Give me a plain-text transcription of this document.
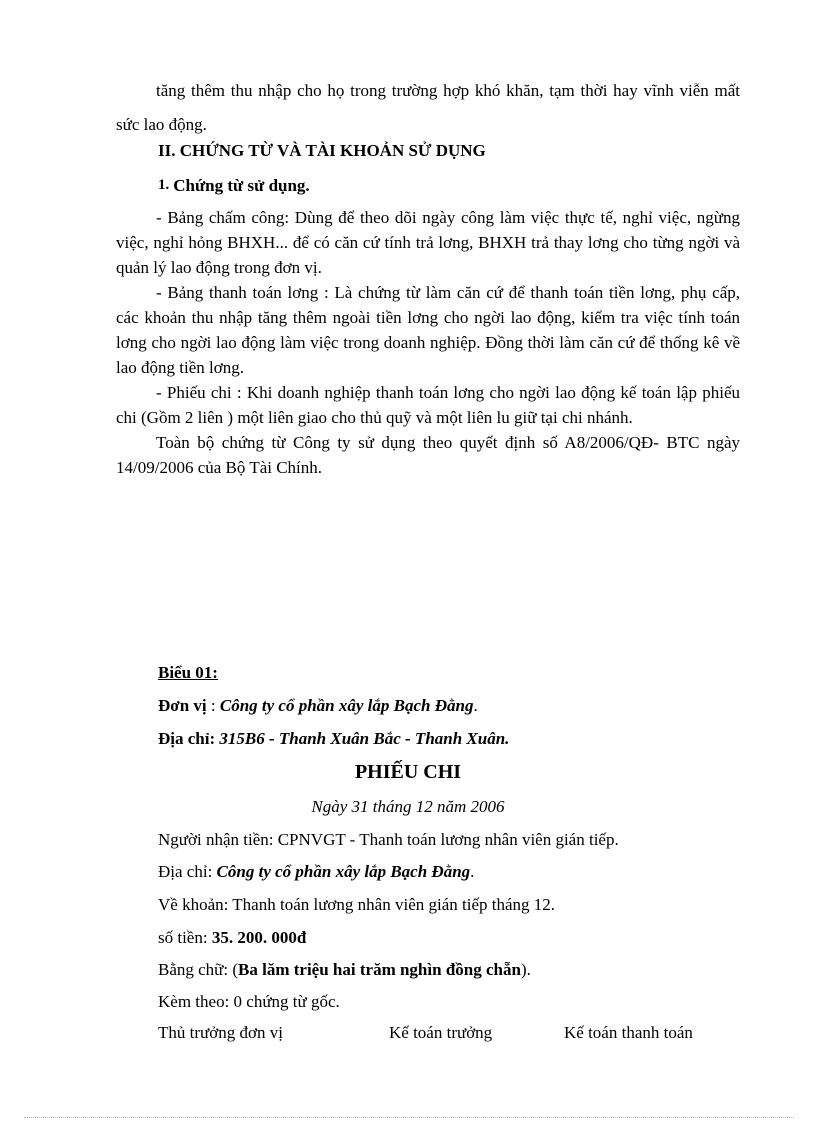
tăng thêm thu nhập cho họ trong trường hợp khó khăn, tạm thời hay vĩnh viễn mất sức lao động.

II. CHỨNG TỪ VÀ TÀI KHOẢN SỬ DỤNG
1. Chứng từ sử dụng.

- Bảng chấm công: Dùng để theo dõi ngày công làm việc thực tế, nghỉ việc, ngừng việc, nghỉ hỏng BHXH... để có căn cứ tính trả lơng, BHXH trả thay lơng cho từng ngời và quản lý lao động trong đơn vị.

- Bảng thanh toán lơng : Là chứng từ làm căn cứ để thanh toán tiền lơng, phụ cấp, các khoản thu nhập tăng thêm ngoài tiền lơng cho ngời lao động, kiểm tra việc tính toán lơng cho ngời lao động làm việc trong doanh nghiệp. Đồng thời làm căn cứ để thống kê về lao động tiền lơng.

- Phiếu chi : Khi doanh nghiệp thanh toán lơng cho ngời lao động kế toán lập phiếu chi (Gồm 2 liên ) một liên giao cho thủ quỹ và một liên lu giữ tại chi nhánh.

Toàn bộ chứng từ Công ty sử dụng theo quyết định số A8/2006/QĐ- BTC ngày 14/09/2006 của Bộ Tài Chính.

Biểu 01:
Đơn vị : Công ty cổ phần xây lắp Bạch Đằng.
Địa chỉ: 315B6 - Thanh Xuân Bắc - Thanh Xuân.
PHIẾU CHI
Ngày 31 tháng 12 năm 2006
Người nhận tiền: CPNVGT - Thanh toán lương nhân viên gián tiếp.
Địa chỉ: Công ty cổ phần xây lắp Bạch Đằng.
Về khoản: Thanh toán lương nhân viên gián tiếp tháng 12.
số tiền: 35. 200. 000đ
Bằng chữ: (Ba lăm triệu hai trăm nghìn đồng chẵn).
Kèm theo: 0 chứng từ gốc.
Thủ trưởng đơn vị	Kế toán trưởng	Kế toán thanh toán
